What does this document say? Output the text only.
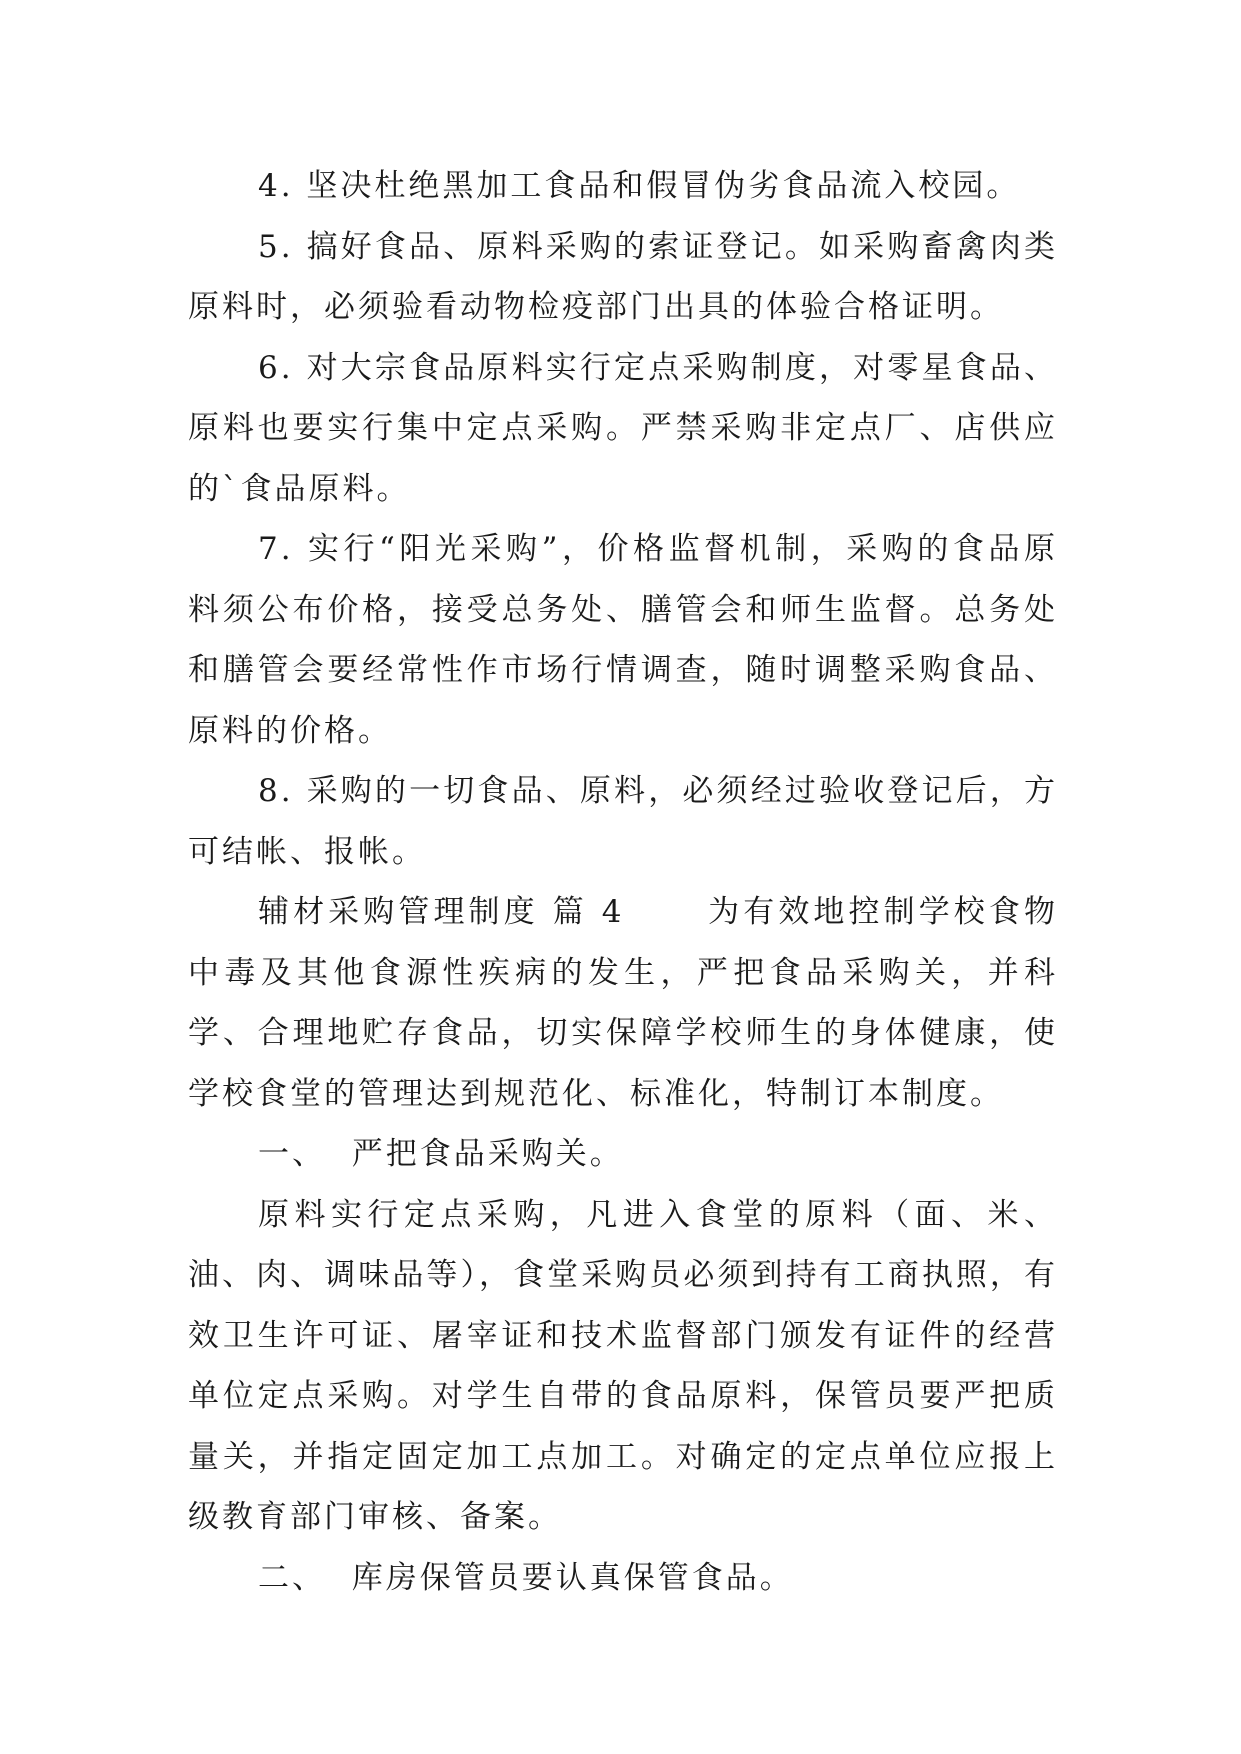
4. 坚决杜绝黑加工食品和假冒伪劣食品流入校园。

5. 搞好食品、原料采购的索证登记。如采购畜禽肉类原料时，必须验看动物检疫部门出具的体验合格证明。

6. 对大宗食品原料实行定点采购制度，对零星食品、原料也要实行集中定点采购。严禁采购非定点厂、店供应的`食品原料。

7. 实行“阳光采购”，价格监督机制，采购的食品原料须公布价格，接受总务处、膳管会和师生监督。总务处和膳管会要经常性作市场行情调查，随时调整采购食品、原料的价格。

8. 采购的一切食品、原料，必须经过验收登记后，方可结帐、报帐。

辅材采购管理制度 篇 4      为有效地控制学校食物中毒及其他食源性疾病的发生，严把食品采购关，并科学、合理地贮存食品，切实保障学校师生的身体健康，使学校食堂的管理达到规范化、标准化，特制订本制度。

一、  严把食品采购关。

原料实行定点采购，凡进入食堂的原料（面、米、油、肉、调味品等），食堂采购员必须到持有工商执照，有效卫生许可证、屠宰证和技术监督部门颁发有证件的经营单位定点采购。对学生自带的食品原料，保管员要严把质量关，并指定固定加工点加工。对确定的定点单位应报上级教育部门审核、备案。

二、  库房保管员要认真保管食品。
